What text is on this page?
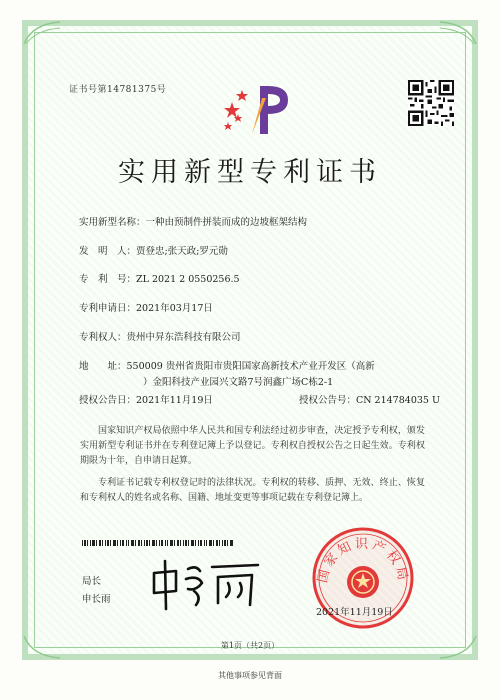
证书号第14781375号
实用新型专利证书
实用新型名称：一种由预制件拼装而成的边坡框架结构
发　明　人：贾登忠;张天政;罗元勋
专　利　号：ZL 2021 2 0550256.5
专利申请日：2021年03月17日
专利权人：贵州中昇东浩科技有限公司
地　　址：550009 贵州省贵阳市贵阳国家高新技术产业开发区（高新
）金阳科技产业园兴文路7号润鑫广场C栋2-1
授权公告日：2021年11月19日	授权公告号：CN 214784035 U
国家知识产权局依照中华人民共和国专利法经过初步审查，决定授予专利权，颁发实用新型专利证书并在专利登记簿上予以登记。专利权自授权公告之日起生效。专利权期限为十年，自申请日起算。
专利证书记载专利权登记时的法律状况。专利权的转移、质押、无效、终止、恢复和专利权人的姓名或名称、国籍、地址变更等事项记载在专利登记簿上。
局长
申长雨
国家知识产权局
2021年11月19日
第1页（共2页）
其他事项参见背面
